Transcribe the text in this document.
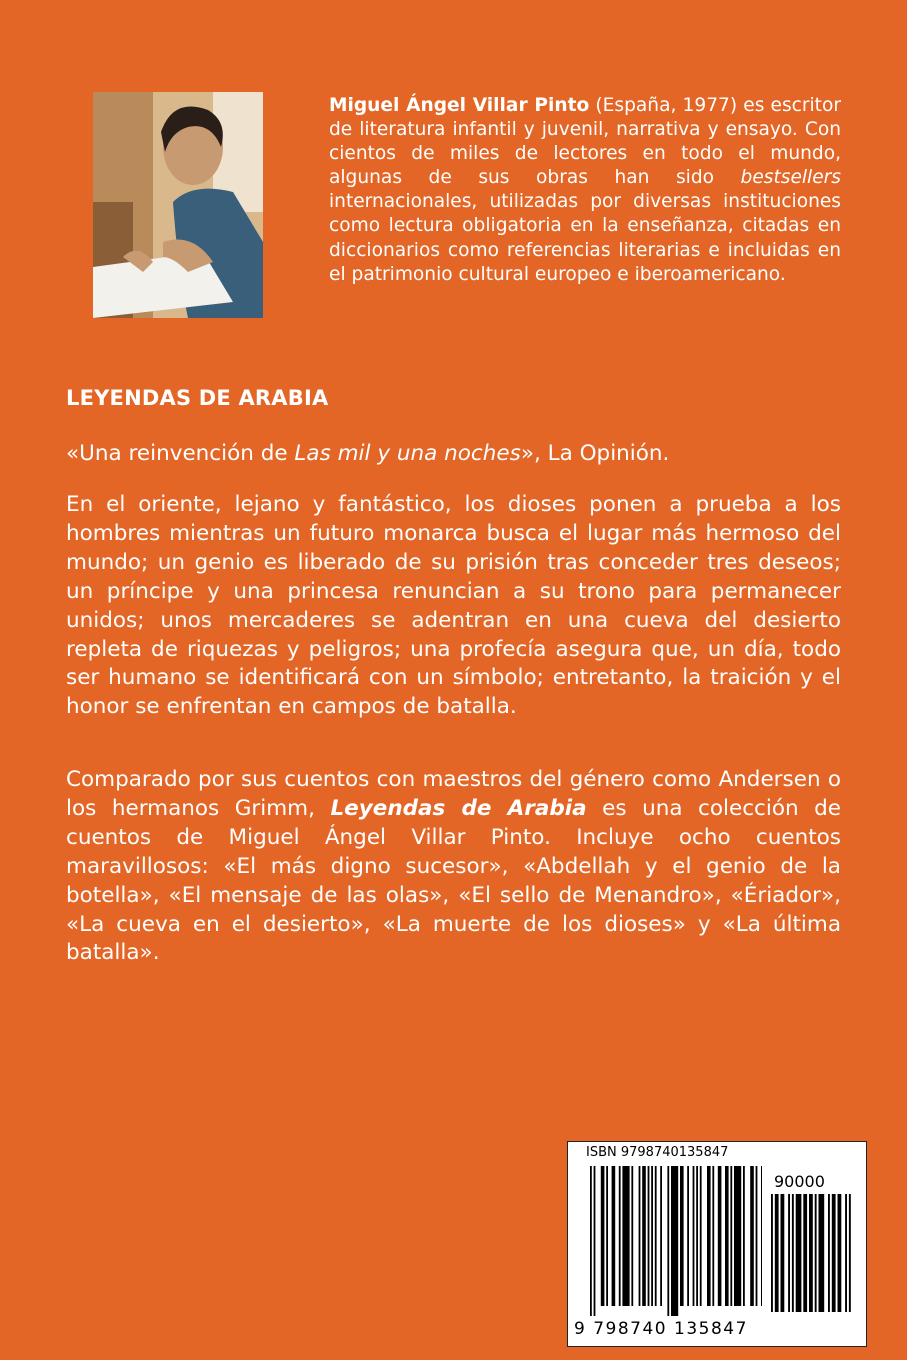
Miguel Ángel Villar Pinto (España, 1977) es escritor de literatura infantil y juvenil, narrativa y ensayo. Con cientos de miles de lectores en todo el mundo, algunas de sus obras han sido bestsellers internacionales, utilizadas por diversas instituciones como lectura obligatoria en la enseñanza, citadas en diccionarios como referencias literarias e incluidas en el patrimonio cultural europeo e iberoamericano.

LEYENDAS DE ARABIA

«Una reinvención de Las mil y una noches», La Opinión.

En el oriente, lejano y fantástico, los dioses ponen a prueba a los hombres mientras un futuro monarca busca el lugar más hermoso del mundo; un genio es liberado de su prisión tras conceder tres deseos; un príncipe y una princesa renuncian a su trono para permanecer unidos; unos mercaderes se adentran en una cueva del desierto repleta de riquezas y peligros; una profecía asegura que, un día, todo ser humano se identificará con un símbolo; entretanto, la traición y el honor se enfrentan en campos de batalla.

Comparado por sus cuentos con maestros del género como Andersen o los hermanos Grimm, Leyendas de Arabia es una colección de cuentos de Miguel Ángel Villar Pinto. Incluye ocho cuentos maravillosos: «El más digno sucesor», «Abdellah y el genio de la botella», «El mensaje de las olas», «El sello de Menandro», «Ériador», «La cueva en el desierto», «La muerte de los dioses» y «La última batalla».

ISBN 9798740135847
90000
9 798740 135847
